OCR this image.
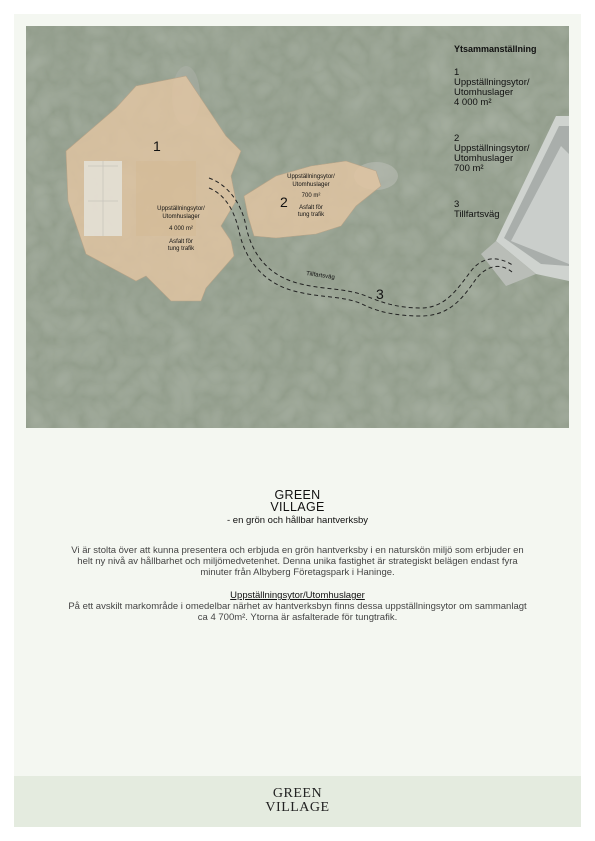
1
Uppställningsytor/
Utomhuslager
4 000 m²
Asfalt för
tung trafik
2
Uppställningsytor/
Utomhuslager
700 m²
Asfalt för
tung trafik
Tillfartsväg
3
Ytsammanställning
1
Uppställningsytor/
Utomhuslager
4 000 m²
2
Uppställningsytor/
Utomhuslager
700 m²
3
Tillfartsväg
GREEN
VILLAGE
- en grön och hållbar hantverksby
Vi är stolta över att kunna presentera och erbjuda en grön hantverksby i en naturskön miljö som erbjuder en helt ny nivå av hållbarhet och miljömedvetenhet. Denna unika fastighet är strategiskt belägen endast fyra minuter från Albyberg Företagspark i Haninge.
Uppställningsytor/Utomhuslager
På ett avskilt markområde i omedelbar närhet av hantverksbyn finns dessa uppställningsytor om sammanlagt ca 4 700m². Ytorna är asfalterade för tungtrafik.
GREEN
VILLAGE
